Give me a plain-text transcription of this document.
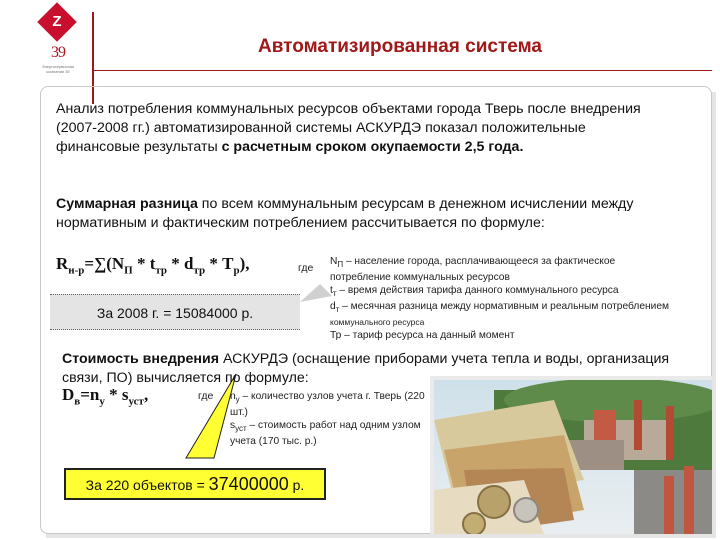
Z
39
Энергосервисная компания 39
Автоматизированная система
Анализ потребления коммунальных ресурсов объектами города Тверь после внедрения (2007-2008 гг.) автоматизированной системы АСКУРДЭ показал положительные финансовые результаты с расчетным сроком окупаемости 2,5 года.
Суммарная разница по всем коммунальным ресурсам в денежном исчислении между нормативным и фактическим потреблением рассчитывается по формуле:
$R_{н-р}=\sum(N_П * t_{тр} * d_{тр} * Т_р)$,	где
$N_П$ – население города, расплачивающееся за фактическое потребление коммунальных ресурсов
$t_т$ – время действия тарифа данного коммунального ресурса
$d_т$ – месячная разница между нормативным и реальным потреблением коммунального ресурса
Тр – тариф ресурса на данный момент
За 2008 г. = 15084000 р.
Стоимость внедрения АСКУРДЭ (оснащение приборами учета тепла и воды, организация связи, ПО) вычисляется по формуле:
$D_в=n_у * s_{уст}$,	где $n_у$ – количество узлов учета г. Тверь (220 шт.)
$s_{уст}$ – стоимость работ над одним узлом учета (170 тыс. р.)
За 220 объектов = 37400000 р.
